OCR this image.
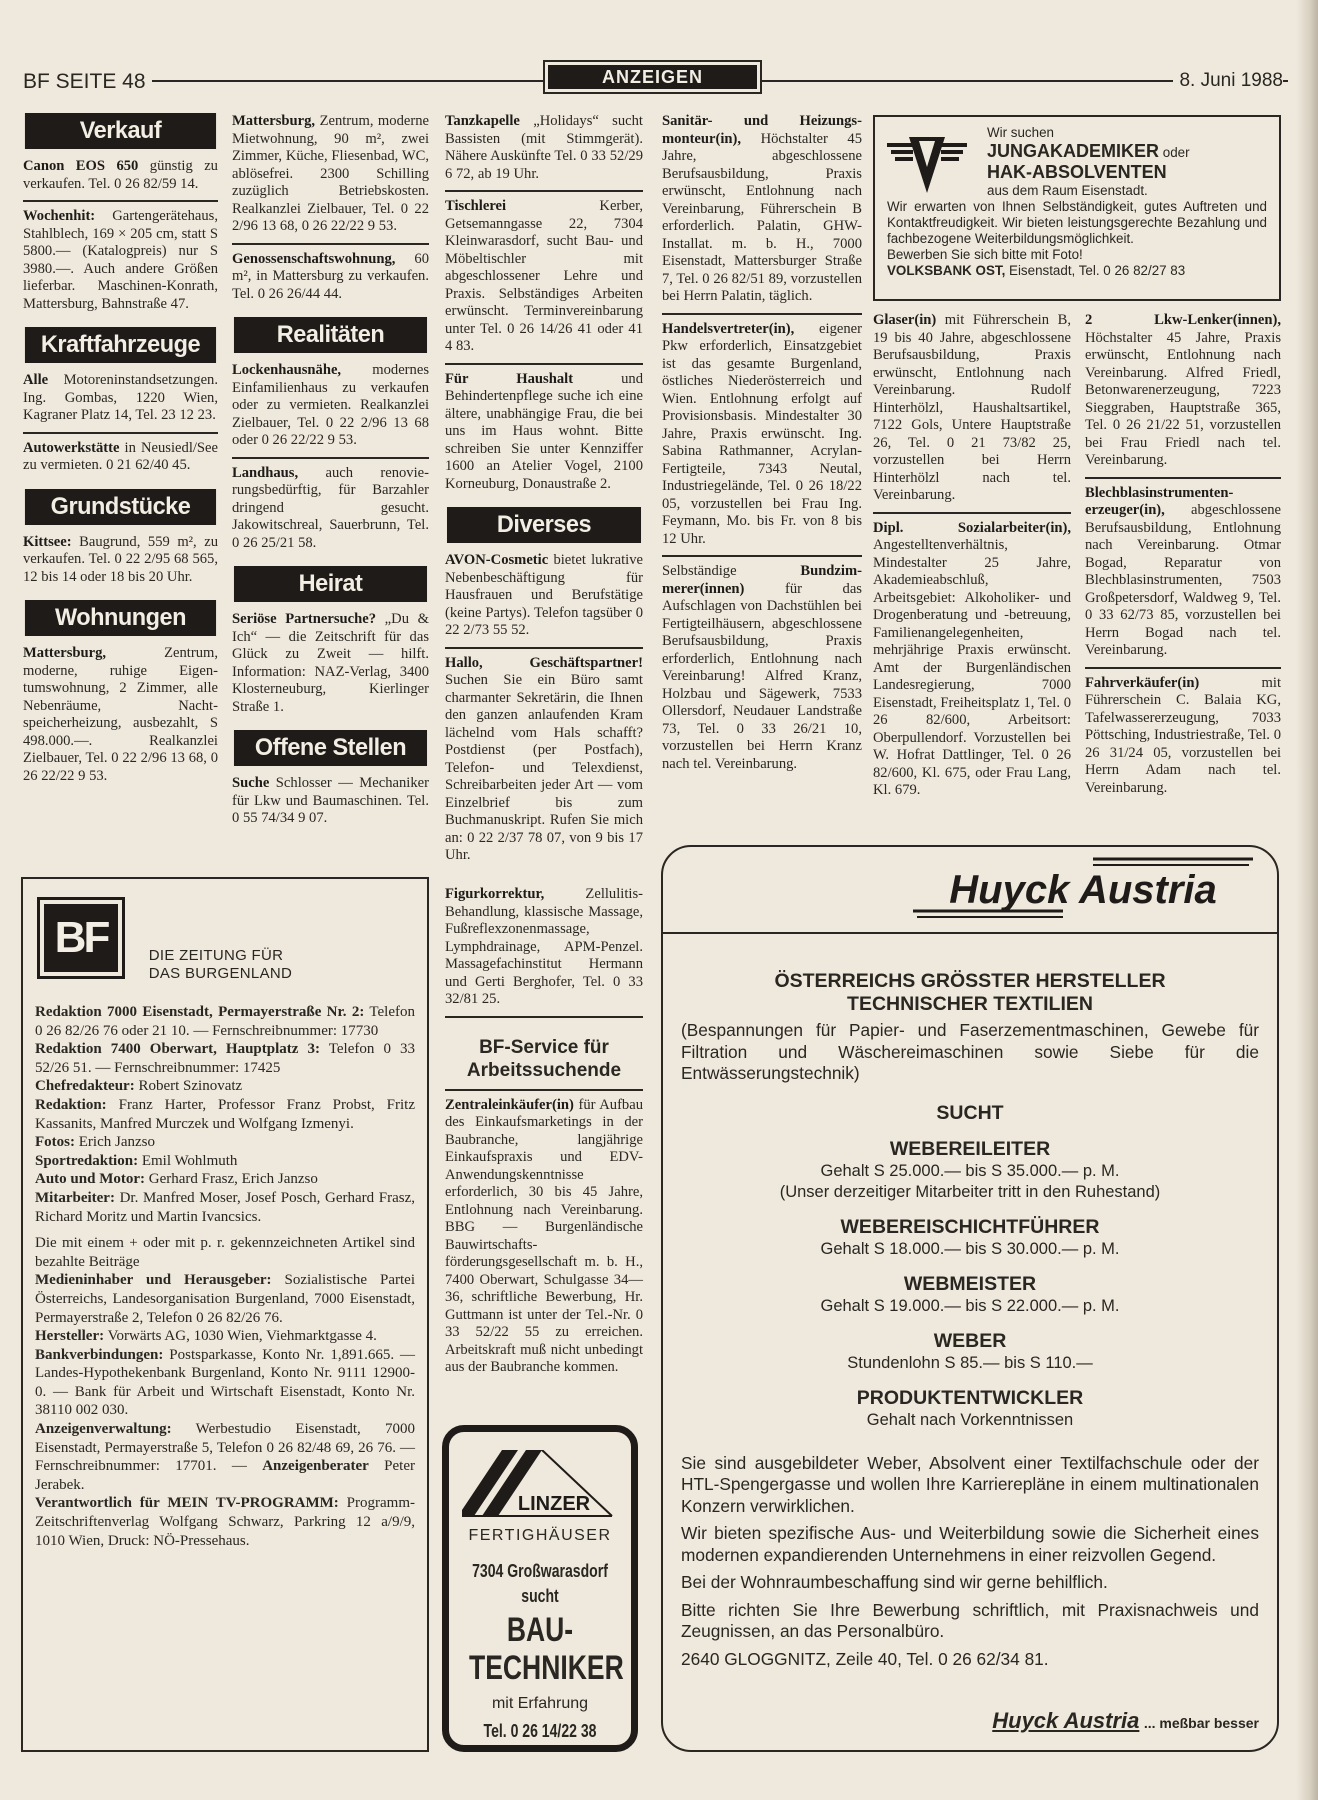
BF SEITE 48	ANZEIGEN	8. Juni 1988
Verkauf

Canon EOS 650 günstig zu verkaufen. Tel. 0 26 82/59 14.

Wochenhit: Gartengerätehaus, Stahlblech, 169 × 205 cm, statt S 5800.— (Katalogpreis) nur S 3980.—. Auch andere Größen lieferbar. Maschinen-Konrath, Mattersburg, Bahnstraße 47.

Kraftfahrzeuge

Alle Motoreninstandsetzungen. Ing. Gombas, 1220 Wien, Kagraner Platz 14, Tel. 23 12 23.

Autowerkstätte in Neusiedl/See zu vermieten. 0 21 62/40 45.

Grundstücke

Kittsee: Baugrund, 559 m², zu verkaufen. Tel. 0 22 2/95 68 565, 12 bis 14 oder 18 bis 20 Uhr.

Wohnungen

Mattersburg, Zentrum, moderne, ruhige Eigentumswohnung, 2 Zimmer, alle Nebenräume, Nachtspeicherheizung, ausbezahlt, S 498.000.—. Realkanzlei Zielbauer, Tel. 0 22 2/96 13 68, 0 26 22/22 9 53.

Mattersburg, Zentrum, moderne Mietwohnung, 90 m², zwei Zimmer, Küche, Fliesenbad, WC, ablösefrei. 2300 Schilling zuzüglich Betriebskosten. Realkanzlei Zielbauer, Tel. 0 22 2/96 13 68, 0 26 22/22 9 53.

Genossenschaftswohnung, 60 m², in Mattersburg zu verkaufen. Tel. 0 26 26/44 44.

Realitäten

Lockenhausnähe, modernes Einfamilienhaus zu verkaufen oder zu vermieten. Realkanzlei Zielbauer, Tel. 0 22 2/96 13 68 oder 0 26 22/22 9 53.

Landhaus, auch renovierungsbedürftig, für Barzahler dringend gesucht. Jakowitschreal, Sauerbrunn, Tel. 0 26 25/21 58.

Heirat

Seriöse Partnersuche? „Du & Ich“ — die Zeitschrift für das Glück zu Zweit — hilft. Information: NAZ-Verlag, 3400 Klosterneuburg, Kierlinger Straße 1.

Offene Stellen

Suche Schlosser — Mechaniker für Lkw und Baumaschinen. Tel. 0 55 74/34 9 07.

Tanzkapelle „Holidays“ sucht Bassisten (mit Stimmgerät). Nähere Auskünfte Tel. 0 33 52/29 6 72, ab 19 Uhr.

Tischlerei Kerber, Getsemanngasse 22, 7304 Kleinwarasdorf, sucht Bau- und Möbeltischler mit abgeschlossener Lehre und Praxis. Selbständiges Arbeiten erwünscht. Terminvereinbarung unter Tel. 0 26 14/26 41 oder 41 4 83.

Für Haushalt und Behindertenpflege suche ich eine ältere, unabhängige Frau, die bei uns im Haus wohnt. Bitte schreiben Sie unter Kennziffer 1600 an Atelier Vogel, 2100 Korneuburg, Donaustraße 2.

Diverses

AVON-Cosmetic bietet lukrative Nebenbeschäftigung für Hausfrauen und Berufstätige (keine Partys). Telefon tagsüber 0 22 2/73 55 52.

Hallo, Geschäftspartner! Suchen Sie ein Büro samt charmanter Sekretärin, die Ihnen den ganzen anlaufenden Kram lächelnd vom Hals schafft? Postdienst (per Postfach), Telefon- und Telexdienst, Schreibarbeiten jeder Art — vom Einzelbrief bis zum Buchmanuskript. Rufen Sie mich an: 0 22 2/37 78 07, von 9 bis 17 Uhr.

Figurkorrektur, Zellulitis-Behandlung, klassische Massage, Fußreflexzonenmassage, Lymphdrainage, APM-Penzel. Massagefachinstitut Hermann und Gerti Berghofer, Tel. 0 33 32/81 25.

BF-Service für Arbeitssuchende

Zentraleinkäufer(in) für Aufbau des Einkaufsmarketings in der Baubranche, langjährige Einkaufspraxis und EDV-Anwendungskenntnisse erforderlich, 30 bis 45 Jahre, Entlohnung nach Vereinbarung. BBG — Burgenländische Bauwirtschaftsförderungsgesellschaft m. b. H., 7400 Oberwart, Schulgasse 34—36, schriftliche Bewerbung, Hr. Guttmann ist unter der Tel.-Nr. 0 33 52/22 55 zu erreichen. Arbeitskraft muß nicht unbedingt aus der Baubranche kommen.

Sanitär- und Heizungsmonteur(in), Höchstalter 45 Jahre, abgeschlossene Berufsausbildung, Praxis erwünscht, Entlohnung nach Vereinbarung, Führerschein B erforderlich. Palatin, GHW-Installat. m. b. H., 7000 Eisenstadt, Mattersburger Straße 7, Tel. 0 26 82/51 89, vorzustellen bei Herrn Palatin, täglich.

Handelsvertreter(in), eigener Pkw erforderlich, Einsatzgebiet ist das gesamte Burgenland, östliches Niederösterreich und Wien. Entlohnung erfolgt auf Provisionsbasis. Mindestalter 30 Jahre, Praxis erwünscht. Ing. Sabina Rathmanner, Acrylan-Fertigteile, 7343 Neutal, Industriegelände, Tel. 0 26 18/22 05, vorzustellen bei Frau Ing. Feymann, Mo. bis Fr. von 8 bis 12 Uhr.

Selbständige Bundzimmerer(innen) für das Aufschlagen von Dachstühlen bei Fertigteilhäusern, abgeschlossene Berufsausbildung, Praxis erforderlich, Entlohnung nach Vereinbarung! Alfred Kranz, Holzbau und Sägewerk, 7533 Ollersdorf, Neudauer Landstraße 73, Tel. 0 33 26/21 10, vorzustellen bei Herrn Kranz nach tel. Vereinbarung.

Glaser(in) mit Führerschein B, 19 bis 40 Jahre, abgeschlossene Berufsausbildung, Praxis erwünscht, Entlohnung nach Vereinbarung. Rudolf Hinterhölzl, Haushaltsartikel, 7122 Gols, Untere Hauptstraße 26, Tel. 0 21 73/82 25, vorzustellen bei Herrn Hinterhölzl nach tel. Vereinbarung.

Dipl. Sozialarbeiter(in), Angestelltenverhältnis, Mindestalter 25 Jahre, Akademieabschluß, Arbeitsgebiet: Alkoholiker- und Drogenberatung und -betreuung, Familienangelegenheiten, mehrjährige Praxis erwünscht. Amt der Burgenländischen Landesregierung, 7000 Eisenstadt, Freiheitsplatz 1, Tel. 0 26 82/600, Arbeitsort: Oberpullendorf. Vorzustellen bei W. Hofrat Dattlinger, Tel. 0 26 82/600, Kl. 675, oder Frau Lang, Kl. 679.

2 Lkw-Lenker(innen), Höchstalter 45 Jahre, Praxis erwünscht, Entlohnung nach Vereinbarung. Alfred Friedl, Betonwarenerzeugung, 7223 Sieggraben, Hauptstraße 365, Tel. 0 26 21/22 51, vorzustellen bei Frau Friedl nach tel. Vereinbarung.

Blechblasinstrumentenerzeuger(in), abgeschlossene Berufsausbildung, Entlohnung nach Vereinbarung. Otmar Bogad, Reparatur von Blechblasinstrumenten, 7503 Großpetersdorf, Waldweg 9, Tel. 0 33 62/73 85, vorzustellen bei Herrn Bogad nach tel. Vereinbarung.

Fahrverkäufer(in) mit Führerschein C. Balaia KG, Tafelwassererzeugung, 7033 Pöttsching, Industriestraße, Tel. 0 26 31/24 05, vorzustellen bei Herrn Adam nach tel. Vereinbarung.

Wir suchen
JUNGAKADEMIKER oder
HAK-ABSOLVENTEN
aus dem Raum Eisenstadt.
Wir erwarten von Ihnen Selbständigkeit, gutes Auftreten und Kontaktfreudigkeit. Wir bieten leistungsgerechte Bezahlung und fachbezogene Weiterbildungsmöglichkeit.
Bewerben Sie sich bitte mit Foto!
VOLKSBANK OST, Eisenstadt, Tel. 0 26 82/27 83
BF
	DIE ZEITUNG FÜR
DAS BURGENLAND

Redaktion 7000 Eisenstadt, Permayerstraße Nr. 2: Telefon 0 26 82/26 76 oder 21 10. — Fernschreibnummer: 17730

Redaktion 7400 Oberwart, Hauptplatz 3: Telefon 0 33 52/26 51. — Fernschreibnummer: 17425

Chefredakteur: Robert Szinovatz

Redaktion: Franz Harter, Professor Franz Probst, Fritz Kassanits, Manfred Murczek und Wolfgang Izmenyi.

Fotos: Erich Janzso

Sportredaktion: Emil Wohlmuth

Auto und Motor: Gerhard Frasz, Erich Janzso

Mitarbeiter: Dr. Manfred Moser, Josef Posch, Gerhard Frasz, Richard Moritz und Martin Ivancsics.

Die mit einem + oder mit p. r. gekennzeichneten Artikel sind bezahlte Beiträge

Medieninhaber und Herausgeber: Sozialistische Partei Österreichs, Landesorganisation Burgenland, 7000 Eisenstadt, Permayerstraße 2, Telefon 0 26 82/26 76.

Hersteller: Vorwärts AG, 1030 Wien, Viehmarktgasse 4.

Bankverbindungen: Postsparkasse, Konto Nr. 1,891.665. — Landes-Hypothekenbank Burgenland, Konto Nr. 9111 12900-0. — Bank für Arbeit und Wirtschaft Eisenstadt, Konto Nr. 38110 002 030.

Anzeigenverwaltung: Werbestudio Eisenstadt, 7000 Eisenstadt, Permayerstraße 5, Telefon 0 26 82/48 69, 26 76. — Fernschreibnummer: 17701. — Anzeigenberater Peter Jerabek.

Verantwortlich für MEIN TV-PROGRAMM: Programm-Zeitschriftenverlag Wolfgang Schwarz, Parkring 12 a/9/9, 1010 Wien, Druck: NÖ-Pressehaus.

LINZER
FERTIGHÄUSER
7304 Großwarasdorf
sucht
BAU-
TECHNIKER
mit Erfahrung
Tel. 0 26 14/22 38
Huyck Austria
ÖSTERREICHS GRÖSSTER HERSTELLER
TECHNISCHER TEXTILIEN

(Bespannungen für Papier- und Faserzementmaschinen, Gewebe für Filtration und Wäschereimaschinen sowie Siebe für die Entwässerungstechnik)

SUCHT
WEBEREILEITER
Gehalt S 25.000.— bis S 35.000.— p. M.
(Unser derzeitiger Mitarbeiter tritt in den Ruhestand)
WEBEREISCHICHTFÜHRER
Gehalt S 18.000.— bis S 30.000.— p. M.
WEBMEISTER
Gehalt S 19.000.— bis S 22.000.— p. M.
WEBER
Stundenlohn S 85.— bis S 110.—
PRODUKTENTWICKLER
Gehalt nach Vorkenntnissen

Sie sind ausgebildeter Weber, Absolvent einer Textilfachschule oder der HTL-Spengergasse und wollen Ihre Karrierepläne in einem multinationalen Konzern verwirklichen.

Wir bieten spezifische Aus- und Weiterbildung sowie die Sicherheit eines modernen expandierenden Unternehmens in einer reizvollen Gegend.

Bei der Wohnraumbeschaffung sind wir gerne behilflich.

Bitte richten Sie Ihre Bewerbung schriftlich, mit Praxisnachweis und Zeugnissen, an das Personalbüro.

2640 GLOGGNITZ, Zeile 40, Tel. 0 26 62/34 81.

Huyck Austria ... meßbar besser
